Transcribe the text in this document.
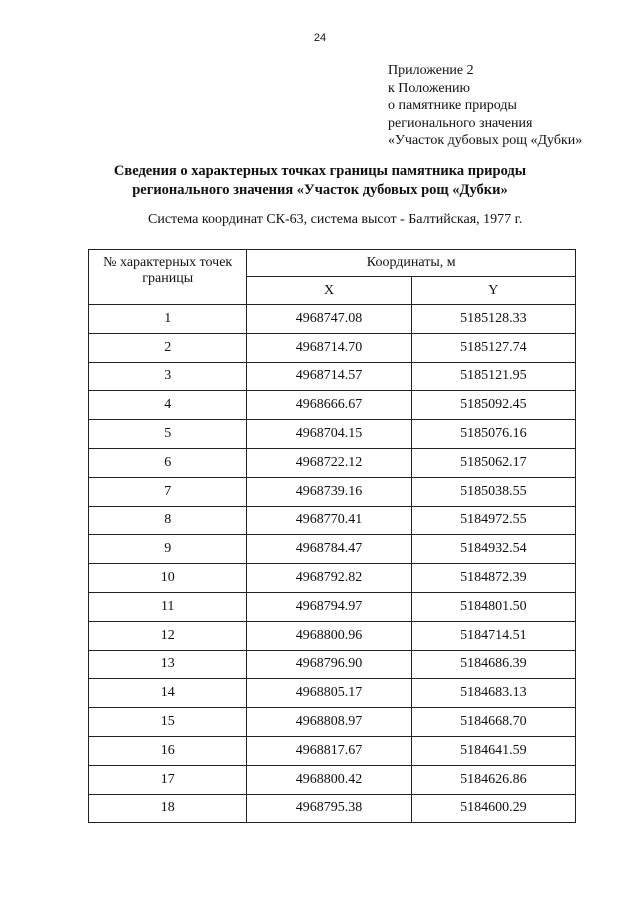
24
Приложение 2
к Положению
о памятнике природы
регионального значения
«Участок дубовых рощ «Дубки»
Сведения о характерных точках границы памятника природы
регионального значения «Участок дубовых рощ «Дубки»
Система координат СК-63, система высот - Балтийская, 1977 г.
№ характерных точек границы	Координаты, м	
	X	Y
1	4968747.08	5185128.33
2	4968714.70	5185127.74
3	4968714.57	5185121.95
4	4968666.67	5185092.45
5	4968704.15	5185076.16
6	4968722.12	5185062.17
7	4968739.16	5185038.55
8	4968770.41	5184972.55
9	4968784.47	5184932.54
10	4968792.82	5184872.39
11	4968794.97	5184801.50
12	4968800.96	5184714.51
13	4968796.90	5184686.39
14	4968805.17	5184683.13
15	4968808.97	5184668.70
16	4968817.67	5184641.59
17	4968800.42	5184626.86
18	4968795.38	5184600.29
